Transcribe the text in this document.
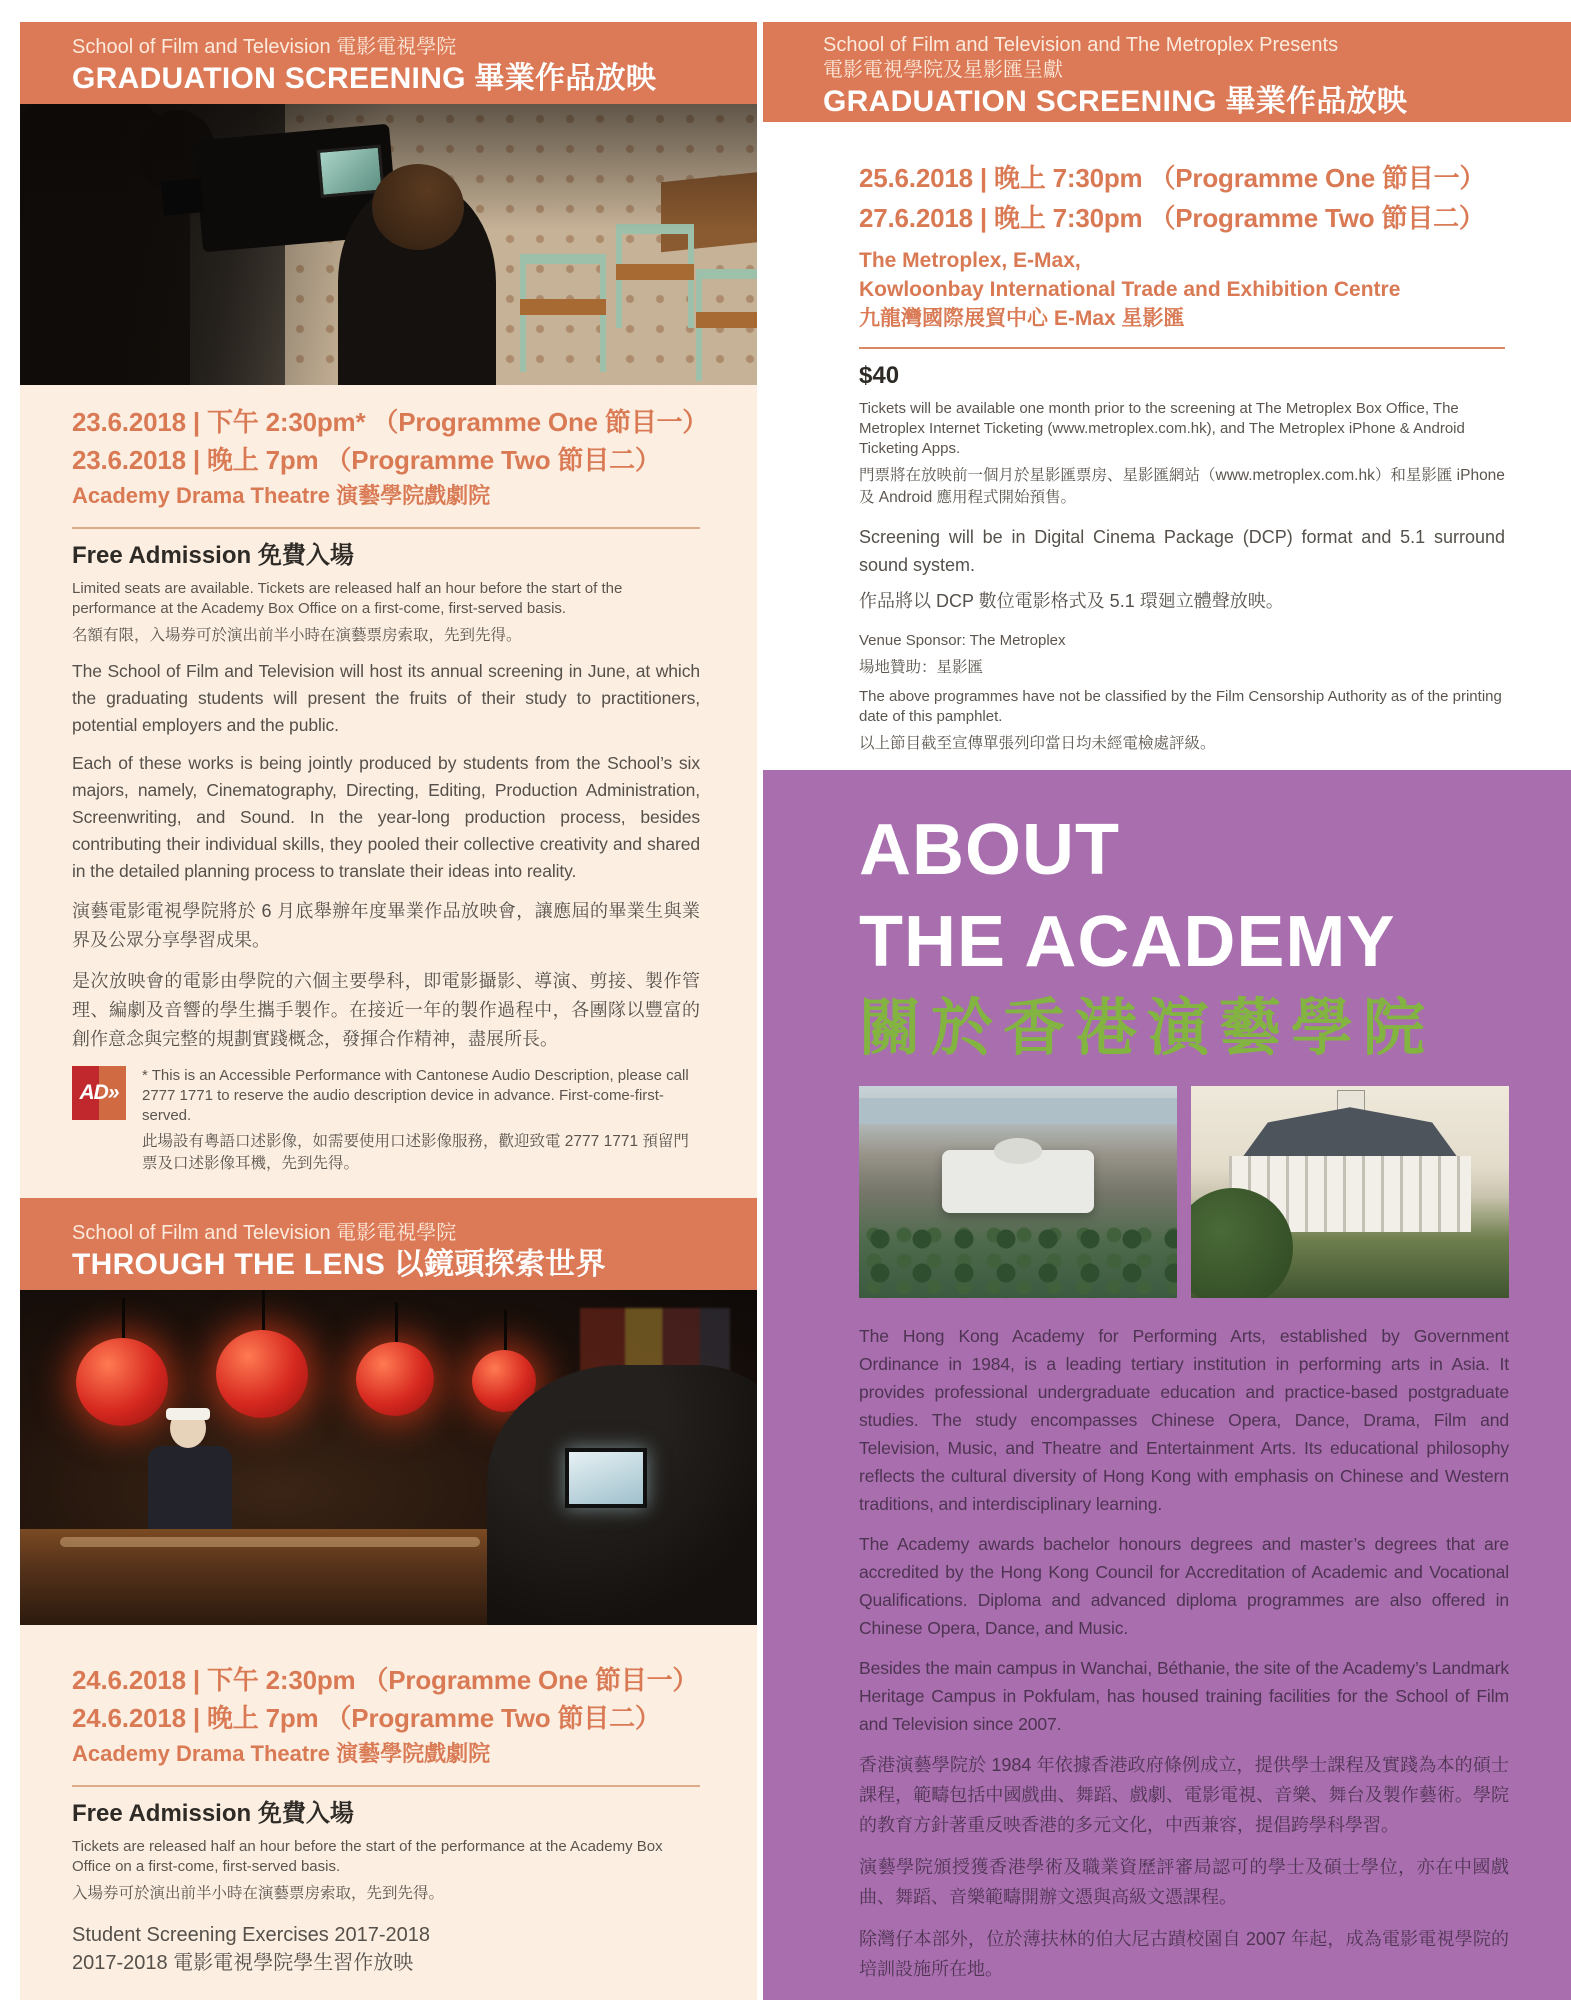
School of Film and Television 電影電視學院
GRADUATION SCREENING 畢業作品放映
23.6.2018 | 下午 2:30pm* （Programme One 節目一）
23.6.2018 | 晚上 7pm （Programme Two 節目二）
Academy Drama Theatre 演藝學院戲劇院
Free Admission 免費入場

Limited seats are available. Tickets are released half an hour before the start of the performance at the Academy Box Office on a first-come, first-served basis.

名額有限，入場券可於演出前半小時在演藝票房索取，先到先得。

The School of Film and Television will host its annual screening in June, at which the graduating students will present the fruits of their study to practitioners, potential employers and the public.

Each of these works is being jointly produced by students from the School’s six majors, namely, Cinematography, Directing, Editing, Production Administration, Screenwriting, and Sound. In the year-long production process, besides contributing their individual skills, they pooled their collective creativity and shared in the detailed planning process to translate their ideas into reality.

演藝電影電視學院將於 6 月底舉辦年度畢業作品放映會，讓應屆的畢業生與業界及公眾分享學習成果。

是次放映會的電影由學院的六個主要學科，即電影攝影、導演、剪接、製作管理、編劇及音響的學生攜手製作。在接近一年的製作過程中，各團隊以豐富的創作意念與完整的規劃實踐概念，發揮合作精神，盡展所長。

AD»

* This is an Accessible Performance with Cantonese Audio Description, please call 2777 1771 to reserve the audio description device in advance. First-come-first-served.

此場設有粵語口述影像，如需要使用口述影像服務，歡迎致電 2777 1771 預留門票及口述影像耳機，先到先得。

School of Film and Television 電影電視學院
THROUGH THE LENS 以鏡頭探索世界
24.6.2018 | 下午 2:30pm （Programme One 節目一）
24.6.2018 | 晚上 7pm （Programme Two 節目二）
Academy Drama Theatre 演藝學院戲劇院
Free Admission 免費入場

Tickets are released half an hour before the start of the performance at the Academy Box Office on a first-come, first-served basis.

入場券可於演出前半小時在演藝票房索取，先到先得。

Student Screening Exercises 2017-2018
2017-2018 電影電視學院學生習作放映
School of Film and Television and The Metroplex Presents
電影電視學院及星影匯呈獻
GRADUATION SCREENING 畢業作品放映
25.6.2018 | 晚上 7:30pm （Programme One 節目一）
27.6.2018 | 晚上 7:30pm （Programme Two 節目二）
The Metroplex, E-Max,
Kowloonbay International Trade and Exhibition Centre
九龍灣國際展貿中心 E-Max 星影匯
$40

Tickets will be available one month prior to the screening at The Metroplex Box Office, The Metroplex Internet Ticketing (www.metroplex.com.hk), and The Metroplex iPhone & Android Ticketing Apps.

門票將在放映前一個月於星影匯票房、星影匯網站（www.metroplex.com.hk）和星影匯 iPhone 及 Android 應用程式開始預售。

Screening will be in Digital Cinema Package (DCP) format and 5.1 surround sound system.

作品將以 DCP 數位電影格式及 5.1 環廻立體聲放映。

Venue Sponsor: The Metroplex

場地贊助：星影匯

The above programmes have not be classified by the Film Censorship Authority as of the printing date of this pamphlet.

以上節目截至宣傳單張列印當日均未經電檢處評級。

ABOUT
THE ACADEMY
關於香港演藝學院

The Hong Kong Academy for Performing Arts, established by Government Ordinance in 1984, is a leading tertiary institution in performing arts in Asia. It provides professional undergraduate education and practice-based postgraduate studies. The study encompasses Chinese Opera, Dance, Drama, Film and Television, Music, and Theatre and Entertainment Arts. Its educational philosophy reflects the cultural diversity of Hong Kong with emphasis on Chinese and Western traditions, and interdisciplinary learning.

The Academy awards bachelor honours degrees and master’s degrees that are accredited by the Hong Kong Council for Accreditation of Academic and Vocational Qualifications. Diploma and advanced diploma programmes are also offered in Chinese Opera, Dance, and Music.

Besides the main campus in Wanchai, Béthanie, the site of the Academy’s Landmark Heritage Campus in Pokfulam, has housed training facilities for the School of Film and Television since 2007.

香港演藝學院於 1984 年依據香港政府條例成立，提供學士課程及實踐為本的碩士課程，範疇包括中國戲曲、舞蹈、戲劇、電影電視、音樂、舞台及製作藝術。學院的教育方針著重反映香港的多元文化，中西兼容，提倡跨學科學習。

演藝學院頒授獲香港學術及職業資歷評審局認可的學士及碩士學位，亦在中國戲曲、舞蹈、音樂範疇開辦文憑與高級文憑課程。

除灣仔本部外，位於薄扶林的伯大尼古蹟校園自 2007 年起，成為電影電視學院的培訓設施所在地。
